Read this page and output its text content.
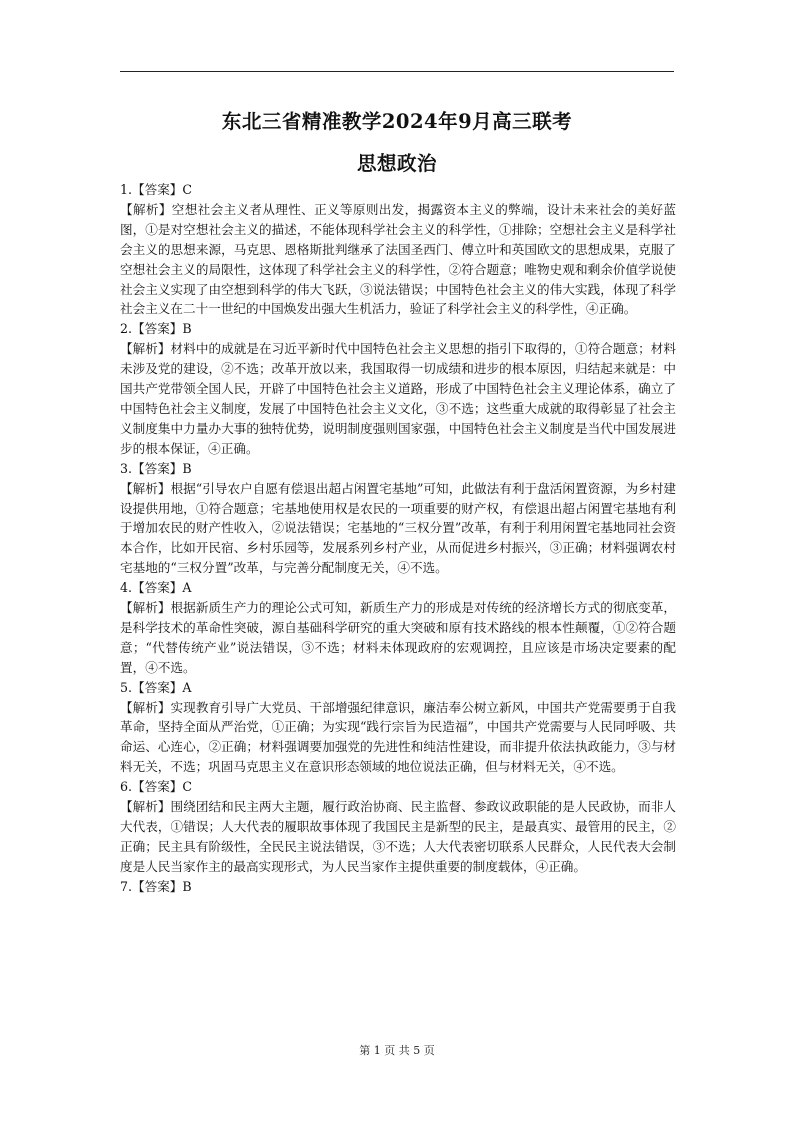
东北三省精准教学2024年9月高三联考
思想政治
1.【答案】C

【解析】空想社会主义者从理性、正义等原则出发，揭露资本主义的弊端，设计未来社会的美好蓝图，①是对空想社会主义的描述，不能体现科学社会主义的科学性，①排除；空想社会主义是科学社会主义的思想来源，马克思、恩格斯批判继承了法国圣西门、傅立叶和英国欧文的思想成果，克服了空想社会主义的局限性，这体现了科学社会主义的科学性，②符合题意；唯物史观和剩余价值学说使社会主义实现了由空想到科学的伟大飞跃，③说法错误；中国特色社会主义的伟大实践，体现了科学社会主义在二十一世纪的中国焕发出强大生机活力，验证了科学社会主义的科学性，④正确。

2.【答案】B

【解析】材料中的成就是在习近平新时代中国特色社会主义思想的指引下取得的，①符合题意；材料未涉及党的建设，②不选；改革开放以来，我国取得一切成绩和进步的根本原因，归结起来就是：中国共产党带领全国人民，开辟了中国特色社会主义道路，形成了中国特色社会主义理论体系，确立了中国特色社会主义制度，发展了中国特色社会主义文化，③不选；这些重大成就的取得彰显了社会主义制度集中力量办大事的独特优势，说明制度强则国家强，中国特色社会主义制度是当代中国发展进步的根本保证，④正确。

3.【答案】B

【解析】根据“引导农户自愿有偿退出超占闲置宅基地”可知，此做法有利于盘活闲置资源，为乡村建设提供用地，①符合题意；宅基地使用权是农民的一项重要的财产权，有偿退出超占闲置宅基地有利于增加农民的财产性收入，②说法错误；宅基地的“三权分置”改革，有利于利用闲置宅基地同社会资本合作，比如开民宿、乡村乐园等，发展系列乡村产业，从而促进乡村振兴，③正确；材料强调农村宅基地的“三权分置”改革，与完善分配制度无关，④不选。

4.【答案】A

【解析】根据新质生产力的理论公式可知，新质生产力的形成是对传统的经济增长方式的彻底变革，是科学技术的革命性突破，源自基础科学研究的重大突破和原有技术路线的根本性颠覆，①②符合题意；“代替传统产业”说法错误，③不选；材料未体现政府的宏观调控，且应该是市场决定要素的配置，④不选。

5.【答案】A

【解析】实现教育引导广大党员、干部增强纪律意识，廉洁奉公树立新风，中国共产党需要勇于自我革命，坚持全面从严治党，①正确；为实现“践行宗旨为民造福”，中国共产党需要与人民同呼吸、共命运、心连心，②正确；材料强调要加强党的先进性和纯洁性建设，而非提升依法执政能力，③与材料无关，不选；巩固马克思主义在意识形态领域的地位说法正确，但与材料无关，④不选。

6.【答案】C

【解析】围绕团结和民主两大主题，履行政治协商、民主监督、参政议政职能的是人民政协，而非人大代表，①错误；人大代表的履职故事体现了我国民主是新型的民主，是最真实、最管用的民主，②正确；民主具有阶级性，全民民主说法错误，③不选；人大代表密切联系人民群众，人民代表大会制度是人民当家作主的最高实现形式，为人民当家作主提供重要的制度载体，④正确。

7.【答案】B
第 1 页 共 5 页
